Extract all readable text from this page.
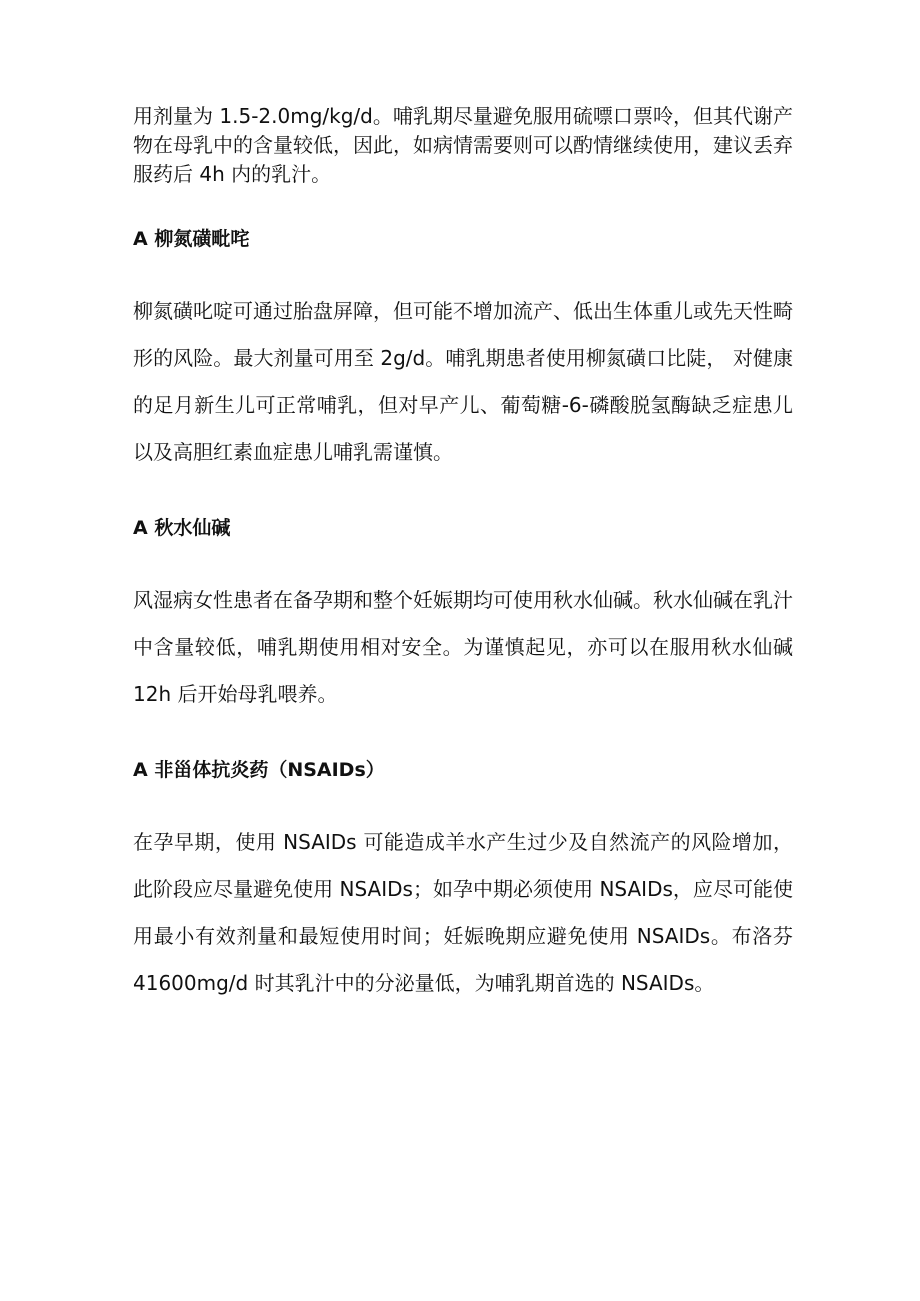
用剂量为 1.5-2.0mg/kg/d。哺乳期尽量避免服用硫嘌口票呤，但其代谢产物在母乳中的含量较低，因此，如病情需要则可以酌情继续使用，建议丢弃服药后 4h 内的乳汁。

A 柳氮磺毗咤

柳氮磺叱啶可通过胎盘屏障，但可能不增加流产、低出生体重儿或先天性畸形的风险。最大剂量可用至 2g/d。哺乳期患者使用柳氮磺口比陡， 对健康的足月新生儿可正常哺乳，但对早产儿、葡萄糖-6-磷酸脱氢酶缺乏症患儿以及高胆红素血症患儿哺乳需谨慎。

A 秋水仙碱

风湿病女性患者在备孕期和整个妊娠期均可使用秋水仙碱。秋水仙碱在乳汁中含量较低，哺乳期使用相对安全。为谨慎起见，亦可以在服用秋水仙碱 12h 后开始母乳喂养。

A 非甾体抗炎药（NSAIDs）

在孕早期，使用 NSAIDs 可能造成羊水产生过少及自然流产的风险增加，此阶段应尽量避免使用 NSAIDs；如孕中期必须使用 NSAIDs，应尽可能使用最小有效剂量和最短使用时间；妊娠晚期应避免使用 NSAIDs。布洛芬41600mg/d 时其乳汁中的分泌量低，为哺乳期首选的 NSAIDs。
